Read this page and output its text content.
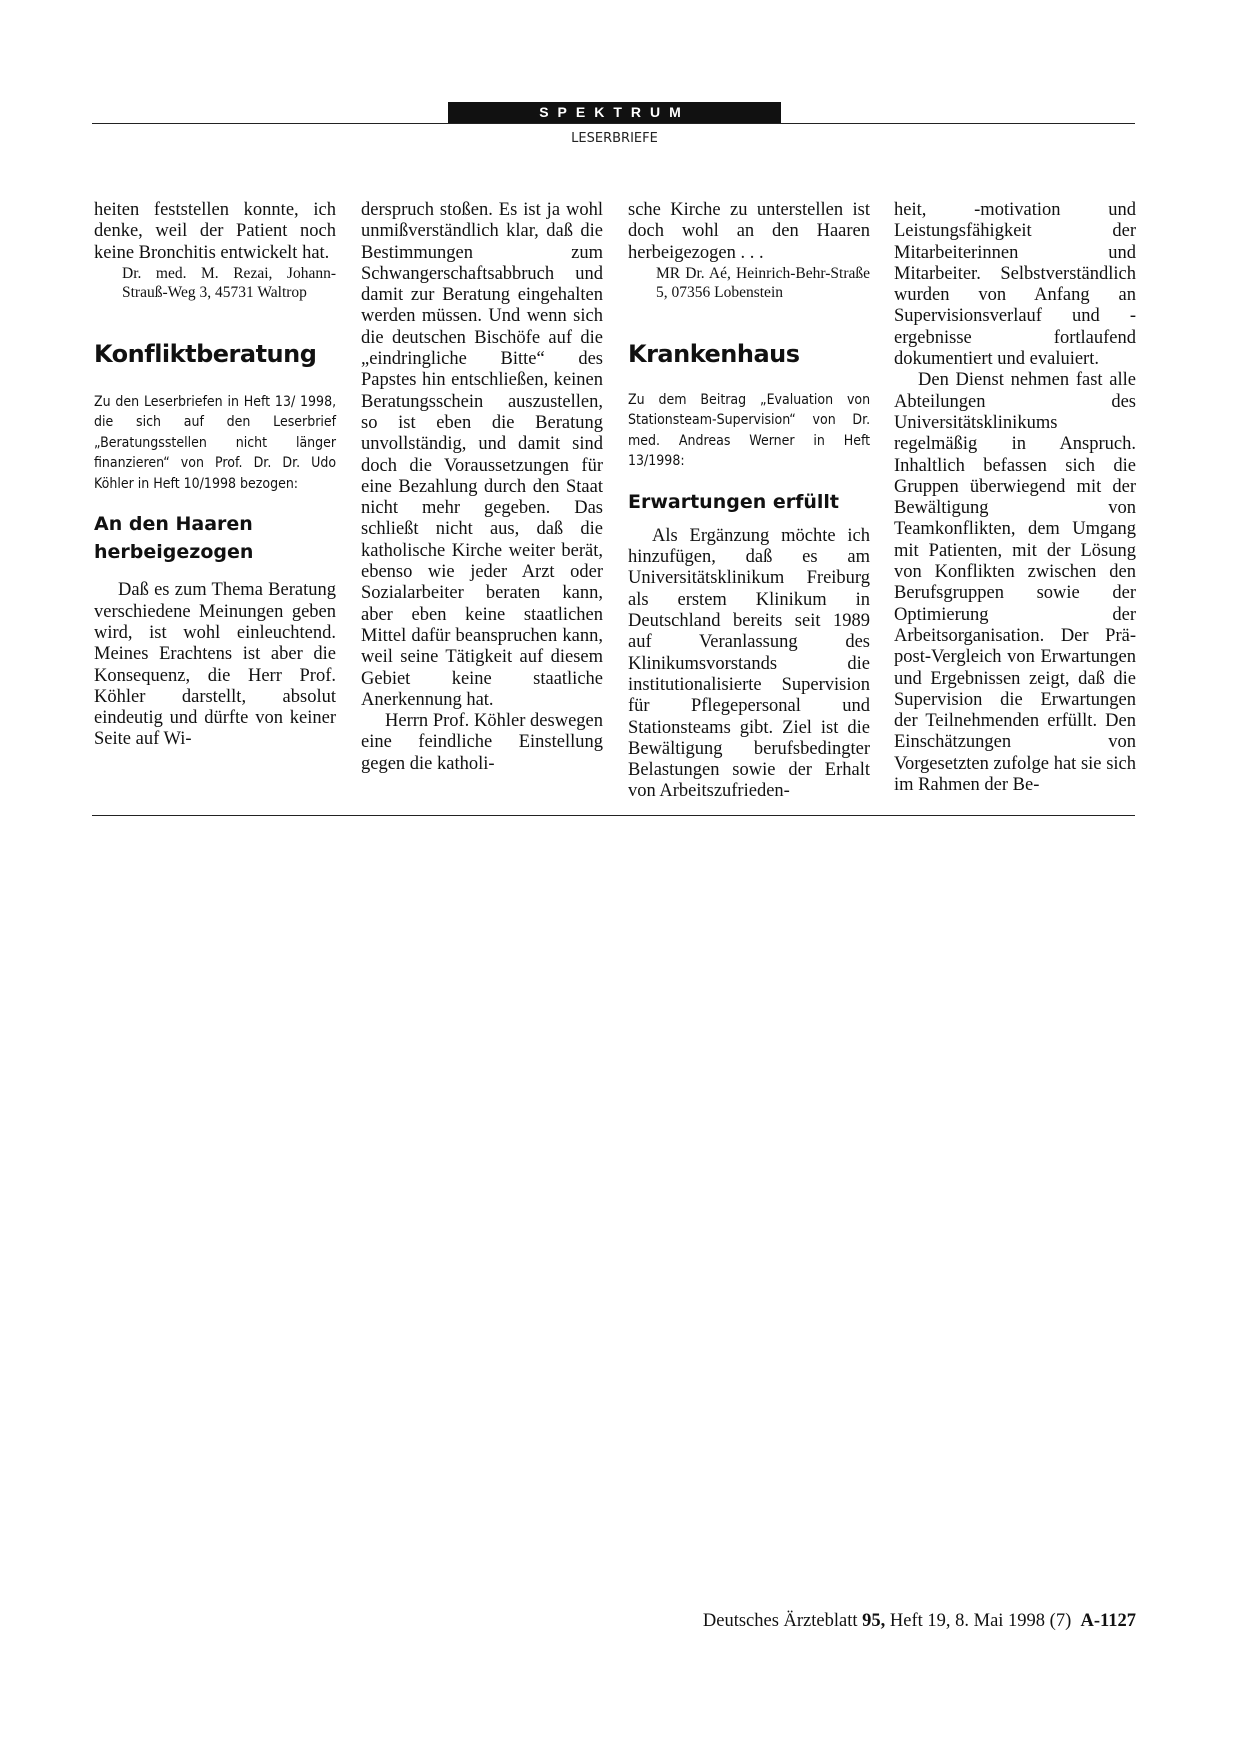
SPEKTRUM
LESERBRIEFE

heiten feststellen konnte, ich denke, weil der Patient noch keine Bronchitis entwickelt hat.

Dr. med. M. Rezai, Johann-Strauß-Weg 3, 45731 Waltrop

Konfliktberatung

Zu den Leserbriefen in Heft 13/ 1998, die sich auf den Leserbrief „Beratungsstellen nicht länger finanzieren“ von Prof. Dr. Dr. Udo Köhler in Heft 10/1998 bezogen:

An den Haaren herbeigezogen

Daß es zum Thema Beratung verschiedene Meinungen geben wird, ist wohl einleuchtend. Meines Erachtens ist aber die Konsequenz, die Herr Prof. Köhler darstellt, absolut eindeutig und dürfte von keiner Seite auf Wi-

derspruch stoßen. Es ist ja wohl unmißverständlich klar, daß die Bestimmungen zum Schwangerschaftsabbruch und damit zur Beratung eingehalten werden müssen. Und wenn sich die deutschen Bischöfe auf die „eindringliche Bitte“ des Papstes hin entschließen, keinen Beratungsschein auszustellen, so ist eben die Beratung unvollständig, und damit sind doch die Voraussetzungen für eine Bezahlung durch den Staat nicht mehr gegeben. Das schließt nicht aus, daß die katholische Kirche weiter berät, ebenso wie jeder Arzt oder Sozialarbeiter beraten kann, aber eben keine staatlichen Mittel dafür beanspruchen kann, weil seine Tätigkeit auf diesem Gebiet keine staatliche Anerkennung hat.

Herrn Prof. Köhler deswegen eine feindliche Einstellung gegen die katholi-

sche Kirche zu unterstellen ist doch wohl an den Haaren herbeigezogen . . .

MR Dr. Aé, Heinrich-Behr-Straße 5, 07356 Lobenstein

Krankenhaus

Zu dem Beitrag „Evaluation von Stationsteam-Supervision“ von Dr. med. Andreas Werner in Heft 13/1998:

Erwartungen erfüllt

Als Ergänzung möchte ich hinzufügen, daß es am Universitätsklinikum Freiburg als erstem Klinikum in Deutschland bereits seit 1989 auf Veranlassung des Klinikumsvorstands die institutionalisierte Supervision für Pflegepersonal und Stationsteams gibt. Ziel ist die Bewältigung berufsbedingter Belastungen sowie der Erhalt von Arbeitszufrieden-

heit, -motivation und Leistungsfähigkeit der Mitarbeiterinnen und Mitarbeiter. Selbstverständlich wurden von Anfang an Supervisionsverlauf und -ergebnisse fortlaufend dokumentiert und evaluiert.

Den Dienst nehmen fast alle Abteilungen des Universitätsklinikums regelmäßig in Anspruch. Inhaltlich befassen sich die Gruppen überwiegend mit der Bewältigung von Teamkonflikten, dem Umgang mit Patienten, mit der Lösung von Konflikten zwischen den Berufsgruppen sowie der Optimierung der Arbeitsorganisation. Der Prä-post-Vergleich von Erwartungen und Ergebnissen zeigt, daß die Supervision die Erwartungen der Teilnehmenden erfüllt. Den Einschätzungen von Vorgesetzten zufolge hat sie sich im Rahmen der Be-

Deutsches Ärzteblatt 95, Heft 19, 8. Mai 1998 (7) A-1127
